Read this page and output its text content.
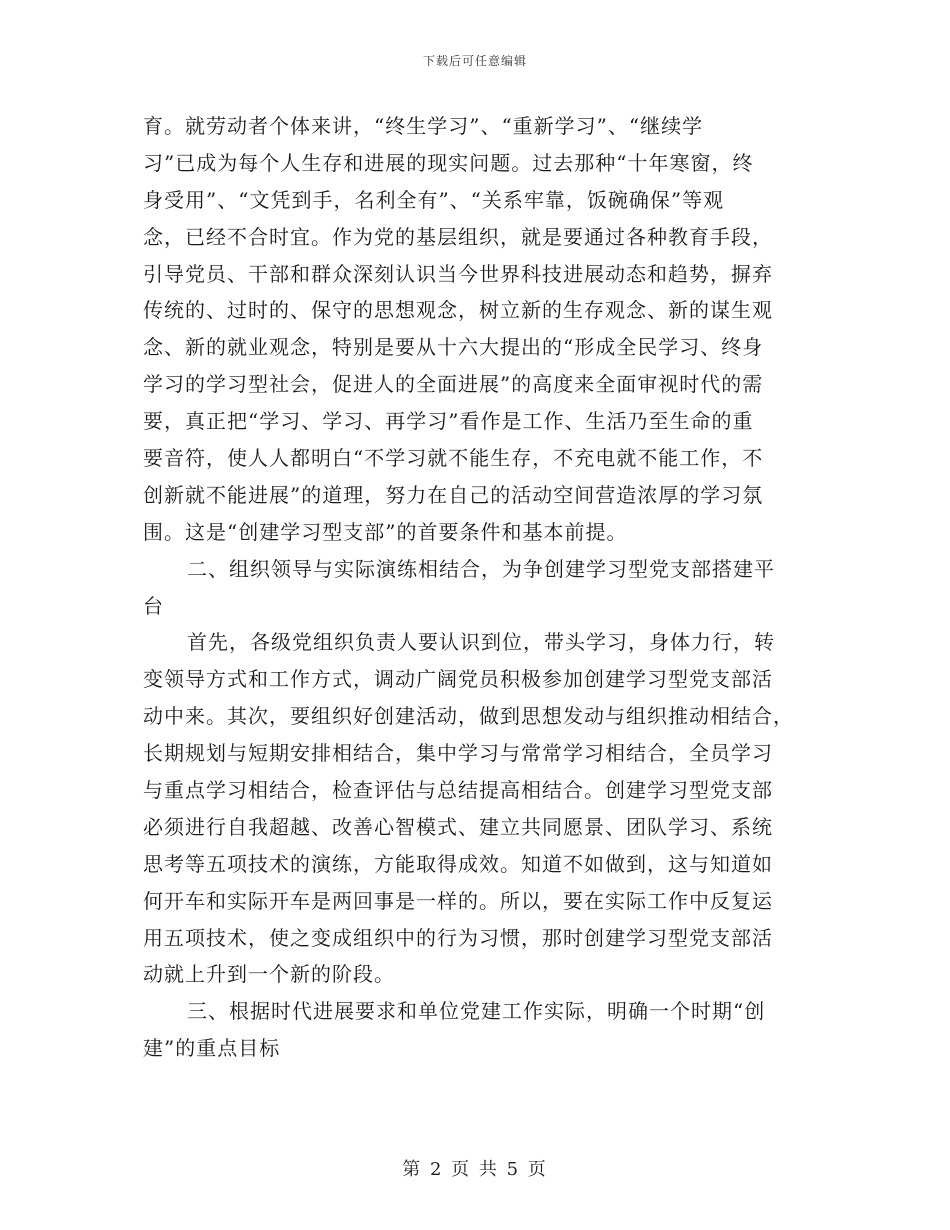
下载后可任意编辑
育。就劳动者个体来讲，“终生学习”、“重新学习”、“继续学
习”已成为每个人生存和进展的现实问题。过去那种“十年寒窗，终
身受用”、“文凭到手，名利全有”、“关系牢靠，饭碗确保”等观
念，已经不合时宜。作为党的基层组织，就是要通过各种教育手段，
引导党员、干部和群众深刻认识当今世界科技进展动态和趋势，摒弃
传统的、过时的、保守的思想观念，树立新的生存观念、新的谋生观
念、新的就业观念，特别是要从十六大提出的“形成全民学习、终身
学习的学习型社会，促进人的全面进展”的高度来全面审视时代的需
要，真正把“学习、学习、再学习”看作是工作、生活乃至生命的重
要音符，使人人都明白“不学习就不能生存，不充电就不能工作，不
创新就不能进展”的道理，努力在自己的活动空间营造浓厚的学习氛
围。这是“创建学习型支部”的首要条件和基本前提。
二、组织领导与实际演练相结合，为争创建学习型党支部搭建平
台
首先，各级党组织负责人要认识到位，带头学习，身体力行，转
变领导方式和工作方式，调动广阔党员积极参加创建学习型党支部活
动中来。其次，要组织好创建活动，做到思想发动与组织推动相结合，
长期规划与短期安排相结合，集中学习与常常学习相结合，全员学习
与重点学习相结合，检查评估与总结提高相结合。创建学习型党支部
必须进行自我超越、改善心智模式、建立共同愿景、团队学习、系统
思考等五项技术的演练，方能取得成效。知道不如做到，这与知道如
何开车和实际开车是两回事是一样的。所以，要在实际工作中反复运
用五项技术，使之变成组织中的行为习惯，那时创建学习型党支部活
动就上升到一个新的阶段。
三、根据时代进展要求和单位党建工作实际，明确一个时期“创
建”的重点目标
第 2 页 共 5 页
